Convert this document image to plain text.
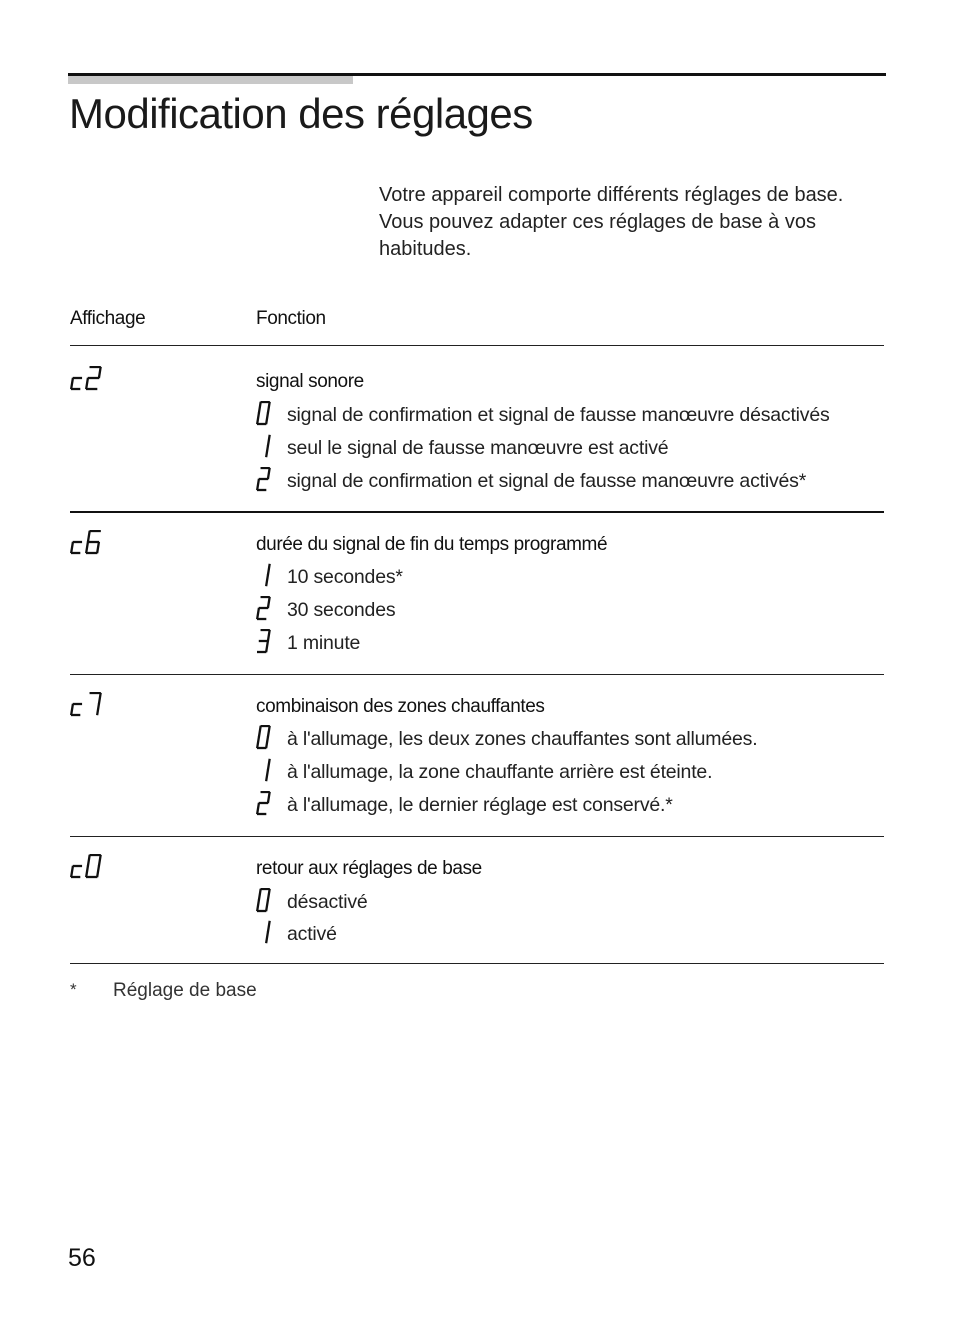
Modification des réglages
Votre appareil comporte différents réglages de base. Vous pouvez adapter ces réglages de base à vos habitudes.
Affichage	Fonction
signal sonore
signal de confirmation et signal de fausse manœuvre désactivés
seul le signal de fausse manœuvre est activé
signal de confirmation et signal de fausse manœuvre activés*
durée du signal de fin du temps programmé
10 secondes*
30 secondes
1 minute
combinaison des zones chauffantes
à l'allumage, les deux zones chauffantes sont allumées.
à l'allumage, la zone chauffante arrière est éteinte.
à l'allumage, le dernier réglage est conservé.*
retour aux réglages de base
désactivé
activé
* Réglage de base
56
